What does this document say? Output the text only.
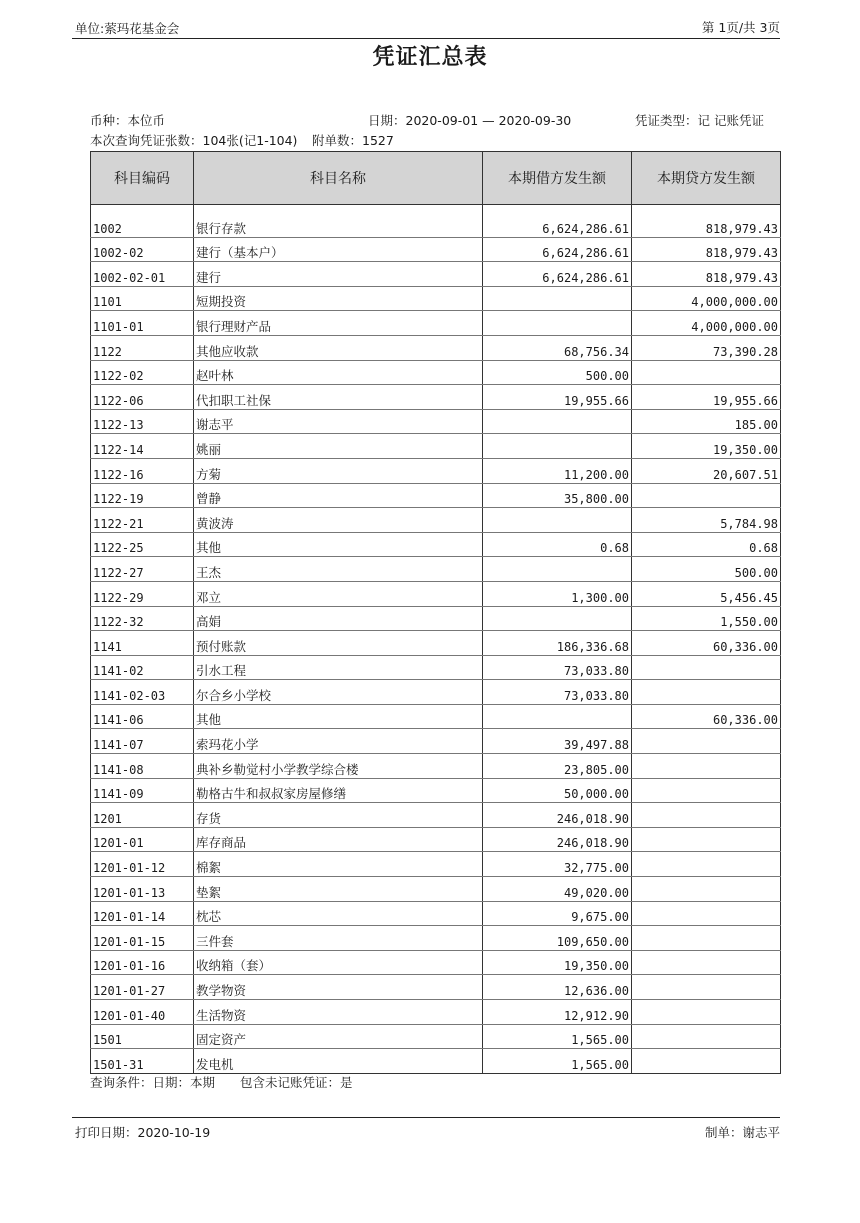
单位:萦玛花基金会	第 1页/共 3页
凭证汇总表
币种：本位币	日期：2020-09-01 — 2020-09-30	凭证类型：记 记账凭证
本次查询凭证张数：104张(记1-104) 附单数：1527
科目编码	科目名称	本期借方发生额	本期贷方发生额

1002	银行存款	6,624,286.61	818,979.43
1002-02	建行（基本户）	6,624,286.61	818,979.43
1002-02-01	建行	6,624,286.61	818,979.43
1101	短期投资		4,000,000.00
1101-01	银行理财产品		4,000,000.00
1122	其他应收款	68,756.34	73,390.28
1122-02	赵叶林	500.00	
1122-06	代扣职工社保	19,955.66	19,955.66
1122-13	谢志平		185.00
1122-14	姚丽		19,350.00
1122-16	方菊	11,200.00	20,607.51
1122-19	曾静	35,800.00	
1122-21	黄波涛		5,784.98
1122-25	其他	0.68	0.68
1122-27	王杰		500.00
1122-29	邓立	1,300.00	5,456.45
1122-32	高娟		1,550.00
1141	预付账款	186,336.68	60,336.00
1141-02	引水工程	73,033.80	
1141-02-03	尔合乡小学校	73,033.80	
1141-06	其他		60,336.00
1141-07	索玛花小学	39,497.88	
1141-08	典补乡勒觉村小学教学综合楼	23,805.00	
1141-09	勒格古牛和叔叔家房屋修缮	50,000.00	
1201	存货	246,018.90	
1201-01	库存商品	246,018.90	
1201-01-12	棉絮	32,775.00	
1201-01-13	垫絮	49,020.00	
1201-01-14	枕芯	9,675.00	
1201-01-15	三件套	109,650.00	
1201-01-16	收纳箱（套）	19,350.00	
1201-01-27	教学物资	12,636.00	
1201-01-40	生活物资	12,912.90	
1501	固定资产	1,565.00	
1501-31	发电机	1,565.00	
查询条件：日期：本期　　包含未记账凭证：是
打印日期：2020-10-19	制单：谢志平
